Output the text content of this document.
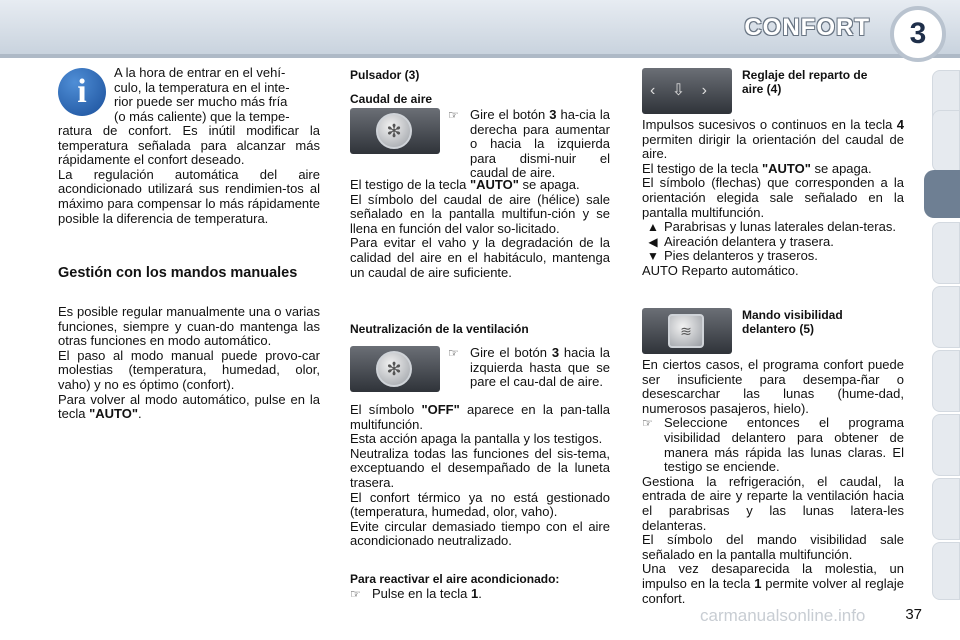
CONFORT	3
i

A la hora de entrar en el vehí-

culo, la temperatura en el inte-

rior puede ser mucho más fría

(o más caliente) que la tempe-

ratura de confort. Es inútil modificar la temperatura señalada para alcanzar más rápidamente el confort deseado.

La regulación automática del aire acondicionado utilizará sus rendimien-tos al máximo para compensar lo más rápidamente posible la diferencia de temperatura.

Gestión con los mandos manuales

Es posible regular manualmente una o varias funciones, siempre y cuan-do mantenga las otras funciones en modo automático.

El paso al modo manual puede provo-car molestias (temperatura, humedad, olor, vaho) y no es óptimo (confort).

Para volver al modo automático, pulse en la tecla "AUTO".

Pulsador (3)
Caudal de aire
✻
☞ Gire el botón 3 ha-cia la derecha para aumentar o hacia la izquierda para dismi-nuir el caudal de aire.

El testigo de la tecla "AUTO" se apaga.

El símbolo del caudal de aire (hélice) sale señalado en la pantalla multifun-ción y se llena en función del valor so-licitado.

Para evitar el vaho y la degradación de la calidad del aire en el habitáculo, mantenga un caudal de aire suficiente.

Neutralización de la ventilación
✻
☞ Gire el botón 3 hacia la izquierda hasta que se pare el cau-dal de aire.

El símbolo "OFF" aparece en la pan-talla multifunción.

Esta acción apaga la pantalla y los testigos.

Neutraliza todas las funciones del sis-tema, exceptuando el desempañado de la luneta trasera.

El confort térmico ya no está gestionado (temperatura, humedad, olor, vaho).

Evite circular demasiado tiempo con el aire acondicionado neutralizado.

Para reactivar el aire acondicionado:
☞ Pulse en la tecla 1.
‹ ⇩ ›
Reglaje del reparto de aire (4)

Impulsos sucesivos o continuos en la tecla 4 permiten dirigir la orientación del caudal de aire.

El testigo de la tecla "AUTO" se apaga.

El símbolo (flechas) que corresponden a la orientación elegida sale señalado en la pantalla multifunción.

▲ Parabrisas y lunas laterales delan-teras.
◀ Aireación delantera y trasera.
▼ Pies delanteros y traseros.

AUTO Reparto automático.

≋
Mando visibilidad delantero (5)

En ciertos casos, el programa confort puede ser insuficiente para desempa-ñar o desescarchar las lunas (hume-dad, numerosos pasajeros, hielo).

☞ Seleccione entonces el programa visibilidad delantero para obtener de manera más rápida las lunas claras. El testigo se enciende.

Gestiona la refrigeración, el caudal, la entrada de aire y reparte la ventilación hacia el parabrisas y las lunas latera-les delanteras.

El símbolo del mando visibilidad sale señalado en la pantalla multifunción.

Una vez desaparecida la molestia, un impulso en la tecla 1 permite volver al reglaje confort.

carmanualsonline.info	37
